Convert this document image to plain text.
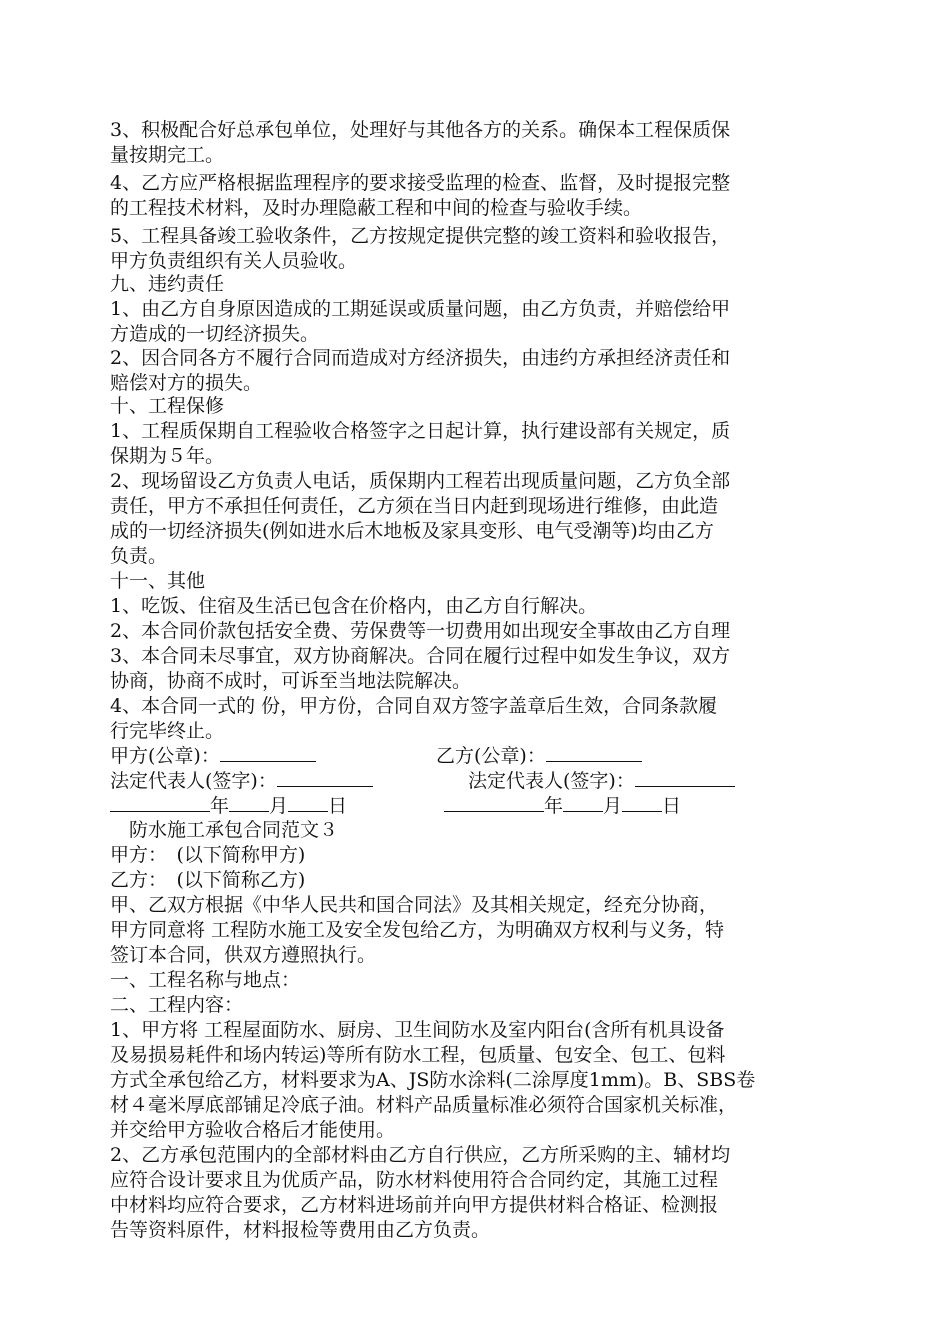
3、积极配合好总承包单位，处理好与其他各方的关系。确保本工程保质保
量按期完工。
4、乙方应严格根据监理程序的要求接受监理的检查、监督，及时提报完整
的工程技术材料，及时办理隐蔽工程和中间的检查与验收手续。
5、工程具备竣工验收条件，乙方按规定提供完整的竣工资料和验收报告，
甲方负责组织有关人员验收。
九、违约责任
1、由乙方自身原因造成的工期延误或质量问题，由乙方负责，并赔偿给甲
方造成的一切经济损失。
2、因合同各方不履行合同而造成对方经济损失，由违约方承担经济责任和
赔偿对方的损失。
十、工程保修
1、工程质保期自工程验收合格签字之日起计算，执行建设部有关规定，质
保期为５年。
2、现场留设乙方负责人电话，质保期内工程若出现质量问题，乙方负全部
责任，甲方不承担任何责任，乙方须在当日内赶到现场进行维修，由此造
成的一切经济损失(例如进水后木地板及家具变形、电气受潮等)均由乙方
负责。
十一、其他
1、吃饭、住宿及生活已包含在价格内，由乙方自行解决。
2、本合同价款包括安全费、劳保费等一切费用如出现安全事故由乙方自理
3、本合同未尽事宜，双方协商解决。合同在履行过程中如发生争议，双方
协商，协商不成时，可诉至当地法院解决。
4、本合同一式的 份，甲方份，合同自双方签字盖章后生效，合同条款履
行完毕终止。
甲方(公章)：	乙方(公章)：
法定代表人(签字)：	法定代表人(签字)：
年 月 日	年 月 日
　防水施工承包合同范文３
甲方：　(以下简称甲方)
乙方：　(以下简称乙方)
甲、乙双方根据《中华人民共和国合同法》及其相关规定，经充分协商，
甲方同意将 工程防水施工及安全发包给乙方，为明确双方权利与义务，特
签订本合同，供双方遵照执行。
一、工程名称与地点：
二、工程内容：
1、甲方将 工程屋面防水、厨房、卫生间防水及室内阳台(含所有机具设备
及易损易耗件和场内转运)等所有防水工程，包质量、包安全、包工、包料
方式全承包给乙方，材料要求为A、JS防水涂料(二涂厚度1mm)。B、SBS卷
材４毫米厚底部铺足冷底子油。材料产品质量标准必须符合国家机关标准，
并交给甲方验收合格后才能使用。
2、乙方承包范围内的全部材料由乙方自行供应，乙方所采购的主、辅材均
应符合设计要求且为优质产品，防水材料使用符合合同约定，其施工过程
中材料均应符合要求，乙方材料进场前并向甲方提供材料合格证、检测报
告等资料原件，材料报检等费用由乙方负责。
